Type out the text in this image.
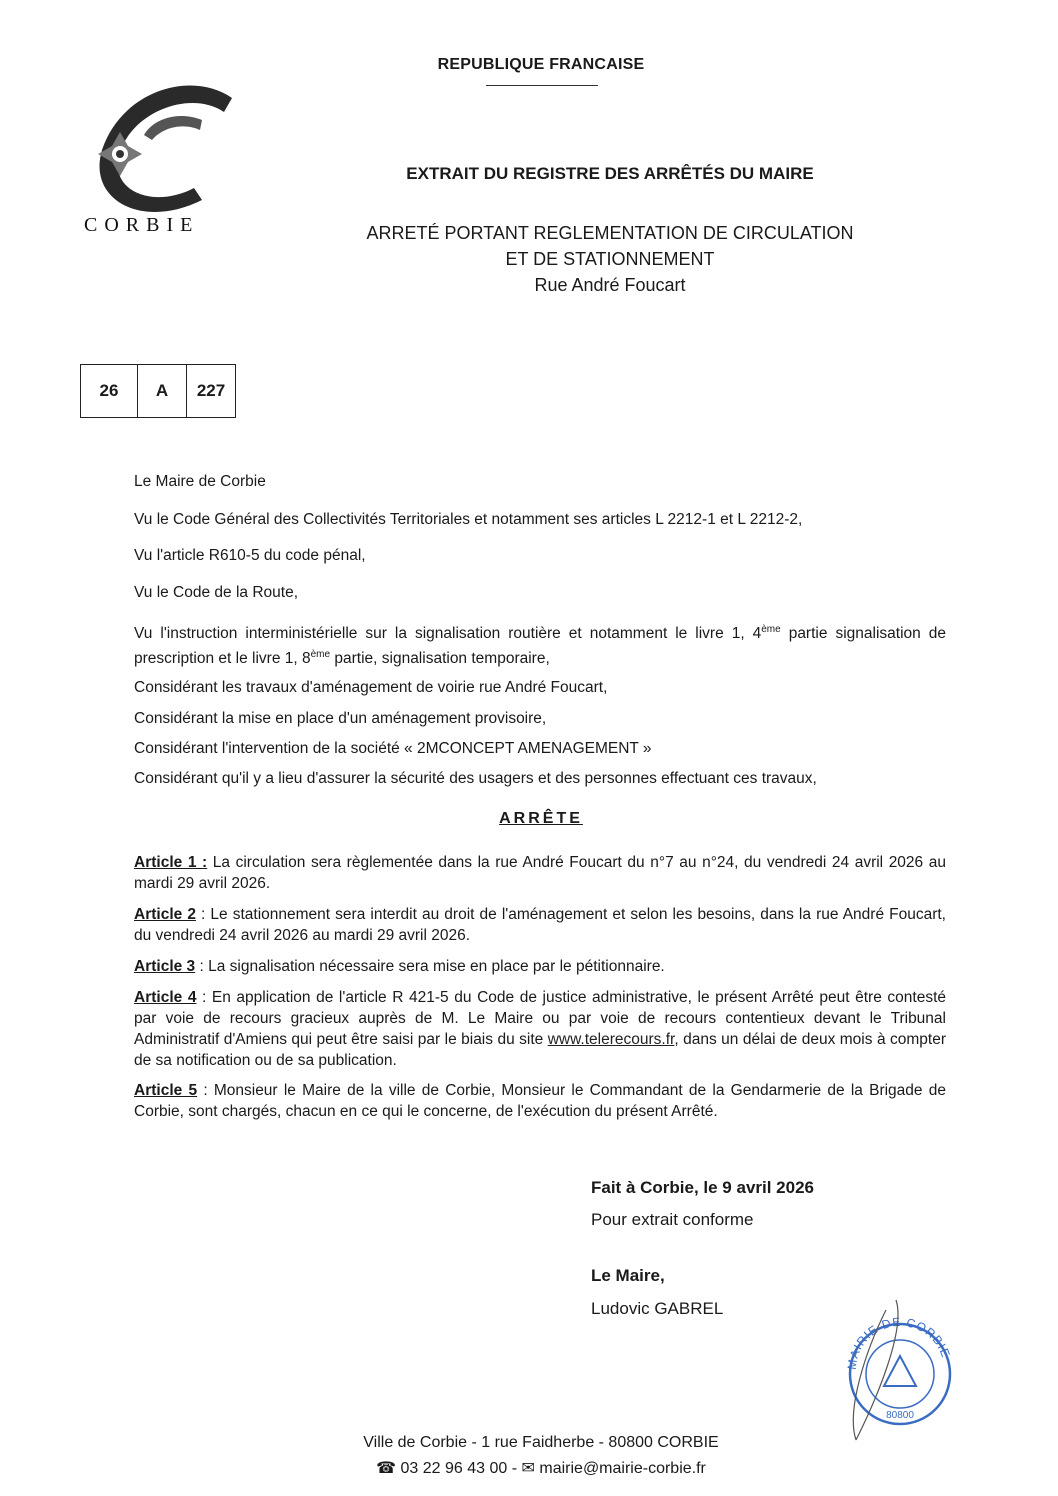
REPUBLIQUE FRANCAISE
CORBIE
EXTRAIT DU REGISTRE DES ARRÊTÉS DU MAIRE
ARRETÉ PORTANT REGLEMENTATION DE CIRCULATION
ET DE STATIONNEMENT
Rue André Foucart
26	A	227
Le Maire de Corbie
Vu le Code Général des Collectivités Territoriales et notamment ses articles L 2212-1 et L 2212-2,
Vu l'article R610-5 du code pénal,
Vu le Code de la Route,
Vu l'instruction interministérielle sur la signalisation routière et notamment le livre 1, 4ème partie signalisation de prescription et le livre 1, 8ème partie, signalisation temporaire,
Considérant les travaux d'aménagement de voirie rue André Foucart,
Considérant la mise en place d'un aménagement provisoire,
Considérant l'intervention de la société « 2MCONCEPT AMENAGEMENT »
Considérant qu'il y a lieu d'assurer la sécurité des usagers et des personnes effectuant ces travaux,
ARRÊTE
Article 1 : La circulation sera règlementée dans la rue André Foucart du n°7 au n°24, du vendredi 24 avril 2026 au mardi 29 avril 2026.
Article 2 : Le stationnement sera interdit au droit de l'aménagement et selon les besoins, dans la rue André Foucart, du vendredi 24 avril 2026 au mardi 29 avril 2026.
Article 3 : La signalisation nécessaire sera mise en place par le pétitionnaire.
Article 4 : En application de l'article R 421-5 du Code de justice administrative, le présent Arrêté peut être contesté par voie de recours gracieux auprès de M. Le Maire ou par voie de recours contentieux devant le Tribunal Administratif d'Amiens qui peut être saisi par le biais du site www.telerecours.fr, dans un délai de deux mois à compter de sa notification ou de sa publication.
Article 5 : Monsieur le Maire de la ville de Corbie, Monsieur le Commandant de la Gendarmerie de la Brigade de Corbie, sont chargés, chacun en ce qui le concerne, de l'exécution du présent Arrêté.
Fait à Corbie, le 9 avril 2026
Pour extrait conforme
Le Maire,
Ludovic GABREL
MAIRIE DE CORBIE
80800
Ville de Corbie - 1 rue Faidherbe - 80800 CORBIE
☎ 03 22 96 43 00 - ✉ mairie@mairie-corbie.fr
